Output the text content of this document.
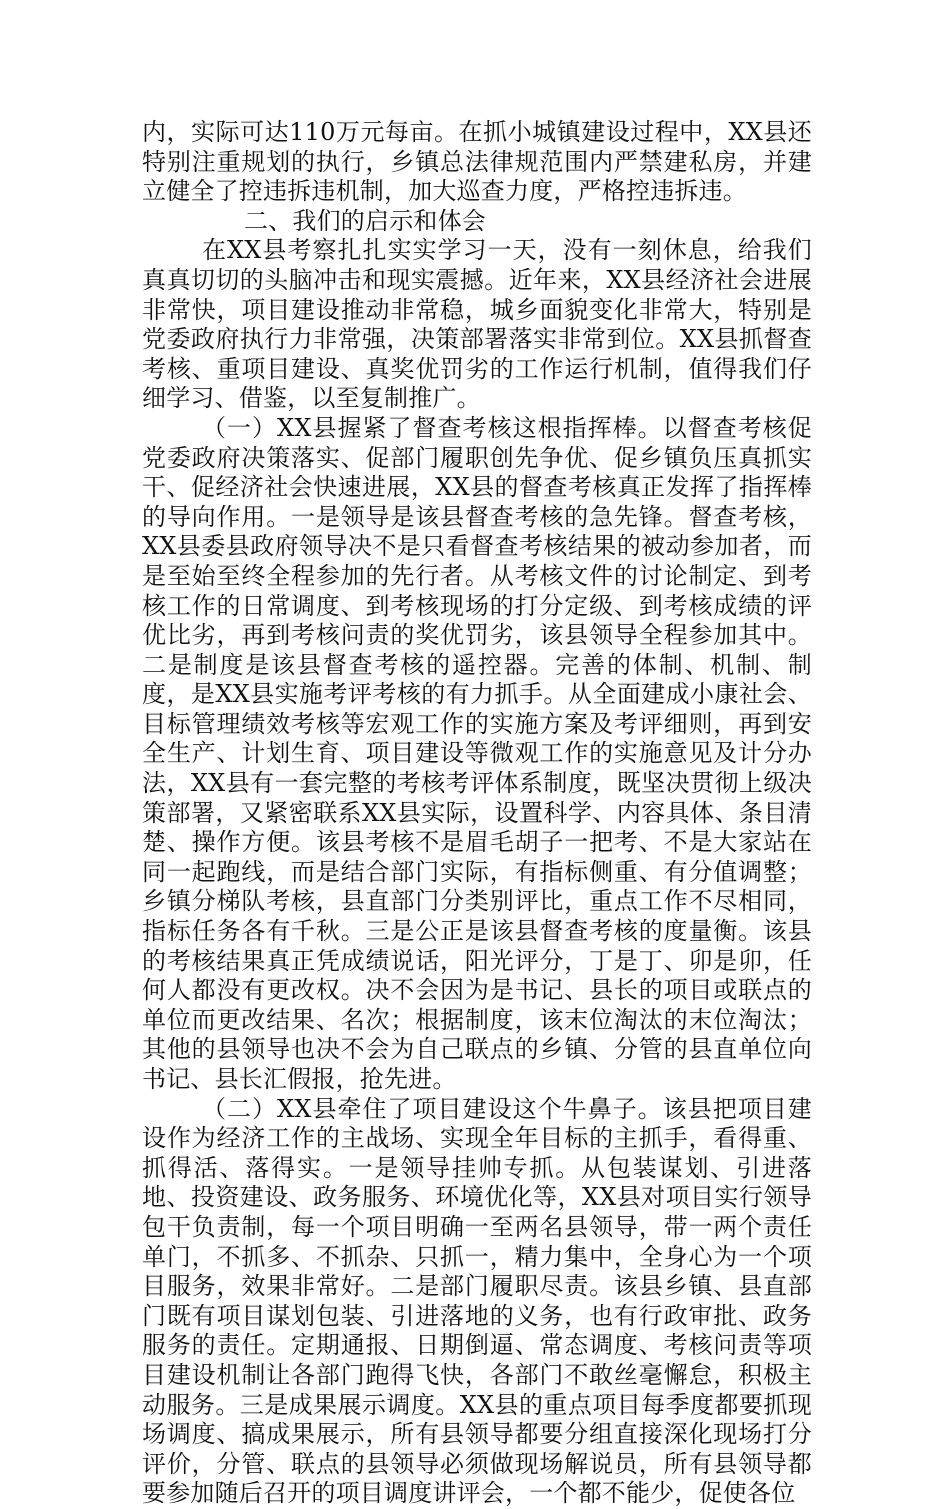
内，实际可达110万元每亩。在抓小城镇建设过程中，XX县还特别注重规划的执行，乡镇总法律规范围内严禁建私房，并建立健全了控违拆违机制，加大巡查力度，严格控违拆违。

二、我们的启示和体会

在XX县考察扎扎实实学习一天，没有一刻休息，给我们真真切切的头脑冲击和现实震撼。近年来，XX县经济社会进展非常快，项目建设推动非常稳，城乡面貌变化非常大，特别是党委政府执行力非常强，决策部署落实非常到位。XX县抓督查考核、重项目建设、真奖优罚劣的工作运行机制，值得我们仔细学习、借鉴，以至复制推广。

（一）XX县握紧了督查考核这根指挥棒。以督查考核促党委政府决策落实、促部门履职创先争优、促乡镇负压真抓实干、促经济社会快速进展，XX县的督查考核真正发挥了指挥棒的导向作用。一是领导是该县督查考核的急先锋。督查考核，XX县委县政府领导决不是只看督查考核结果的被动参加者，而是至始至终全程参加的先行者。从考核文件的讨论制定、到考核工作的日常调度、到考核现场的打分定级、到考核成绩的评优比劣，再到考核问责的奖优罚劣，该县领导全程参加其中。二是制度是该县督查考核的遥控器。完善的体制、机制、制度，是XX县实施考评考核的有力抓手。从全面建成小康社会、目标管理绩效考核等宏观工作的实施方案及考评细则，再到安全生产、计划生育、项目建设等微观工作的实施意见及计分办法，XX县有一套完整的考核考评体系制度，既坚决贯彻上级决策部署，又紧密联系XX县实际，设置科学、内容具体、条目清楚、操作方便。该县考核不是眉毛胡子一把考、不是大家站在同一起跑线，而是结合部门实际，有指标侧重、有分值调整；乡镇分梯队考核，县直部门分类别评比，重点工作不尽相同，指标任务各有千秋。三是公正是该县督查考核的度量衡。该县的考核结果真正凭成绩说话，阳光评分，丁是丁、卯是卯，任何人都没有更改权。决不会因为是书记、县长的项目或联点的单位而更改结果、名次；根据制度，该末位淘汰的末位淘汰；其他的县领导也决不会为自己联点的乡镇、分管的县直单位向书记、县长汇假报，抢先进。

（二）XX县牵住了项目建设这个牛鼻子。该县把项目建设作为经济工作的主战场、实现全年目标的主抓手，看得重、抓得活、落得实。一是领导挂帅专抓。从包装谋划、引进落地、投资建设、政务服务、环境优化等，XX县对项目实行领导包干负责制，每一个项目明确一至两名县领导，带一两个责任单门，不抓多、不抓杂、只抓一，精力集中，全身心为一个项目服务，效果非常好。二是部门履职尽责。该县乡镇、县直部门既有项目谋划包装、引进落地的义务，也有行政审批、政务服务的责任。定期通报、日期倒逼、常态调度、考核问责等项目建设机制让各部门跑得飞快，各部门不敢丝毫懈怠，积极主动服务。三是成果展示调度。XX县的重点项目每季度都要抓现场调度、搞成果展示，所有县领导都要分组直接深化现场打分评价，分管、联点的县领导必须做现场解说员，所有县领导都要参加随后召开的项目调度讲评会，一个都不能少，促使各位
